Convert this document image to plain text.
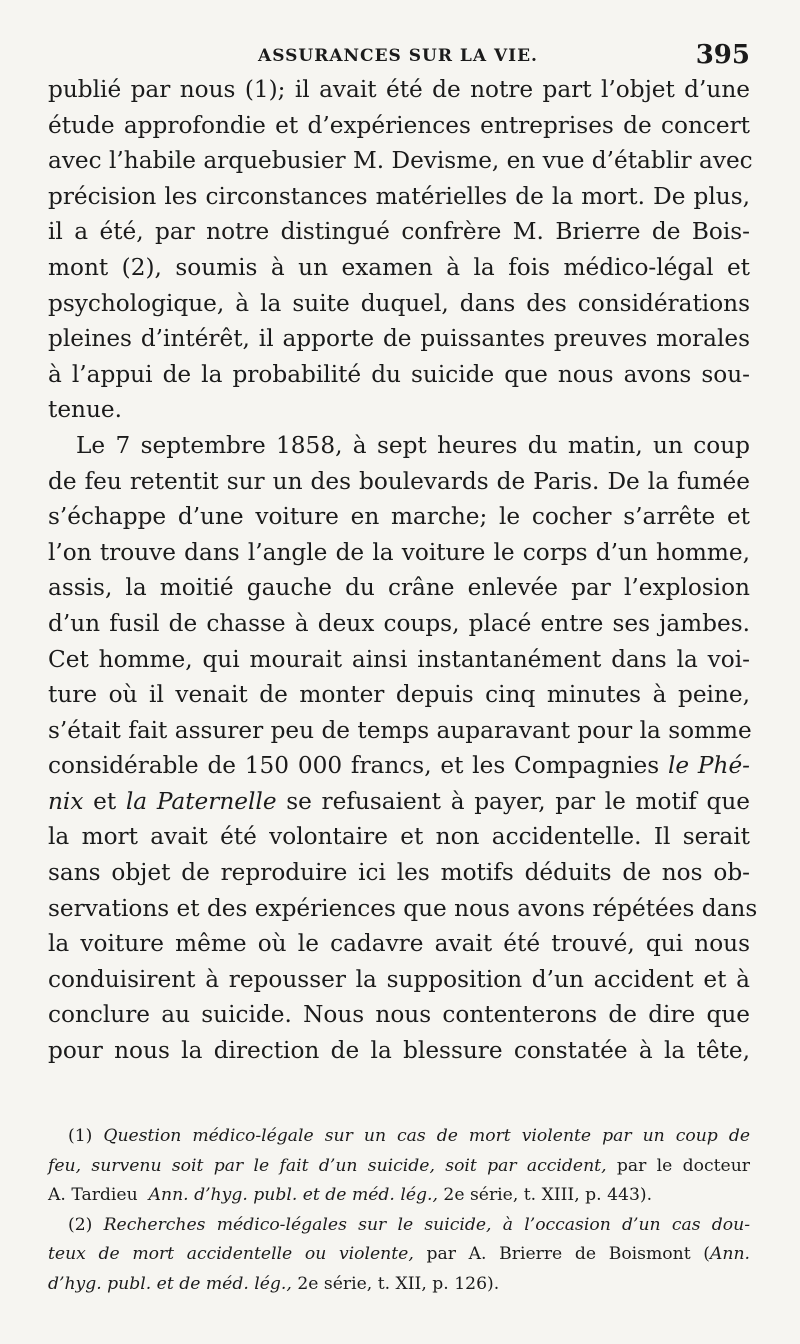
ASSURANCES SUR LA VIE.	395

publié par nous (1); il avait été de notre part l’objet d’une
étude approfondie et d’expériences entreprises de concert
avec l’habile arquebusier M. Devisme, en vue d’établir avec
précision les circonstances matérielles de la mort. De plus,
il a été, par notre distingué confrère M. Brierre de Bois-
mont (2), soumis à un examen à la fois médico-légal et
psychologique, à la suite duquel, dans des considérations
pleines d’intérêt, il apporte de puissantes preuves morales
à l’appui de la probabilité du suicide que nous avons sou-
tenue.

Le 7 septembre 1858, à sept heures du matin, un coup
de feu retentit sur un des boulevards de Paris. De la fumée
s’échappe d’une voiture en marche; le cocher s’arrête et
l’on trouve dans l’angle de la voiture le corps d’un homme,
assis, la moitié gauche du crâne enlevée par l’explosion
d’un fusil de chasse à deux coups, placé entre ses jambes.
Cet homme, qui mourait ainsi instantanément dans la voi-
ture où il venait de monter depuis cinq minutes à peine,
s’était fait assurer peu de temps auparavant pour la somme
considérable de 150 000 francs, et les Compagnies le Phé-
nix et la Paternelle se refusaient à payer, par le motif que
la mort avait été volontaire et non accidentelle. Il serait
sans objet de reproduire ici les motifs déduits de nos ob-
servations et des expériences que nous avons répétées dans
la voiture même où le cadavre avait été trouvé, qui nous
conduisirent à repousser la supposition d’un accident et à
conclure au suicide. Nous nous contenterons de dire que
pour nous la direction de la blessure constatée à la tête,

(1) Question médico-légale sur un cas de mort violente par un coup de
feu, survenu soit par le fait d’un suicide, soit par accident, par le docteur
A. Tardieu Ann. d’hyg. publ. et de méd. lég., 2e série, t. XIII, p. 443).

(2) Recherches médico-légales sur le suicide, à l’occasion d’un cas dou-
teux de mort accidentelle ou violente, par A. Brierre de Boismont (Ann.
d’hyg. publ. et de méd. lég., 2e série, t. XII, p. 126).
